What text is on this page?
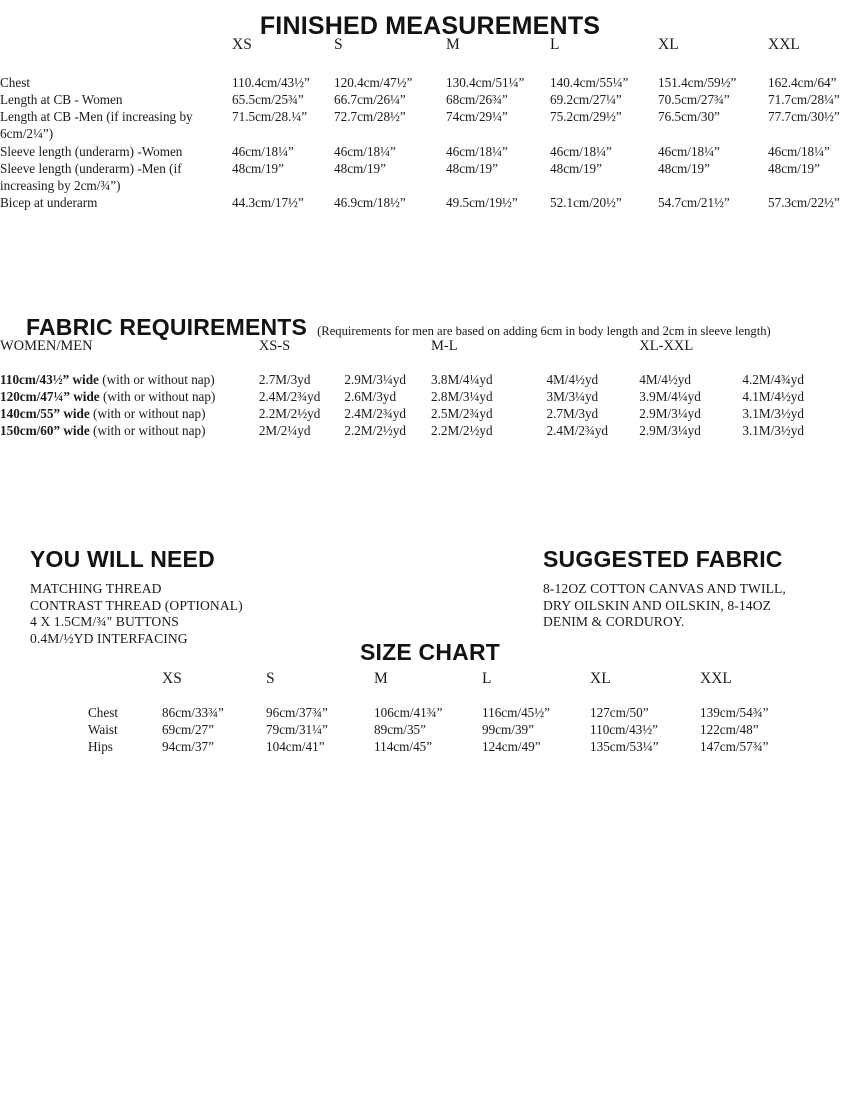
FINISHED MEASUREMENTS
	XS	S	M	L	XL	XXL
Chest	110.4cm/43½”	120.4cm/47½”	130.4cm/51¼”	140.4cm/55¼”	151.4cm/59½”	162.4cm/64”
Length at CB - Women	65.5cm/25¾”	66.7cm/26¼”	68cm/26¾”	69.2cm/27¼”	70.5cm/27¾”	71.7cm/28¼”
Length at CB -Men (if increasing by 6cm/2¼”)	71.5cm/28.¼”	72.7cm/28½”	74cm/29¼”	75.2cm/29½”	76.5cm/30”	77.7cm/30½”
Sleeve length (underarm) -Women	46cm/18¼”	46cm/18¼”	46cm/18¼”	46cm/18¼”	46cm/18¼”	46cm/18¼”
Sleeve length (underarm) -Men (if increasing by 2cm/¾”)	48cm/19”	48cm/19”	48cm/19”	48cm/19”	48cm/19”	48cm/19”
Bicep at underarm	44.3cm/17½”	46.9cm/18½”	49.5cm/19½”	52.1cm/20½”	54.7cm/21½”	57.3cm/22½”
FABRIC REQUIREMENTS (Requirements for men are based on adding 6cm in body length and 2cm in sleeve length)
WOMEN/MEN	XS-S		M-L		XL-XXL	
110cm/43½” wide (with or without nap)	2.7M/3yd	2.9M/3¼yd	3.8M/4¼yd	4M/4½yd	4M/4½yd	4.2M/4¾yd
120cm/47¼” wide (with or without nap)	2.4M/2¾yd	2.6M/3yd	2.8M/3¼yd	3M/3¼yd	3.9M/4¼yd	4.1M/4½yd
140cm/55” wide (with or without nap)	2.2M/2½yd	2.4M/2¾yd	2.5M/2¾yd	2.7M/3yd	2.9M/3¼yd	3.1M/3½yd
150cm/60” wide (with or without nap)	2M/2¼yd	2.2M/2½yd	2.2M/2½yd	2.4M/2¾yd	2.9M/3¼yd	3.1M/3½yd
YOU WILL NEED
MATCHING THREAD
CONTRAST THREAD (OPTIONAL)
4 X 1.5CM/¾" BUTTONS
0.4M/½YD INTERFACING
SUGGESTED FABRIC
8-12OZ COTTON CANVAS AND TWILL,
DRY OILSKIN AND OILSKIN, 8-14OZ
DENIM & CORDUROY.
SIZE CHART
	XS	S	M	L	XL	XXL
Chest	86cm/33¾”	96cm/37¾”	106cm/41¾”	116cm/45½”	127cm/50”	139cm/54¾”
Waist	69cm/27”	79cm/31¼”	89cm/35”	99cm/39”	110cm/43½”	122cm/48”
Hips	94cm/37”	104cm/41”	114cm/45”	124cm/49”	135cm/53¼”	147cm/57¾”
